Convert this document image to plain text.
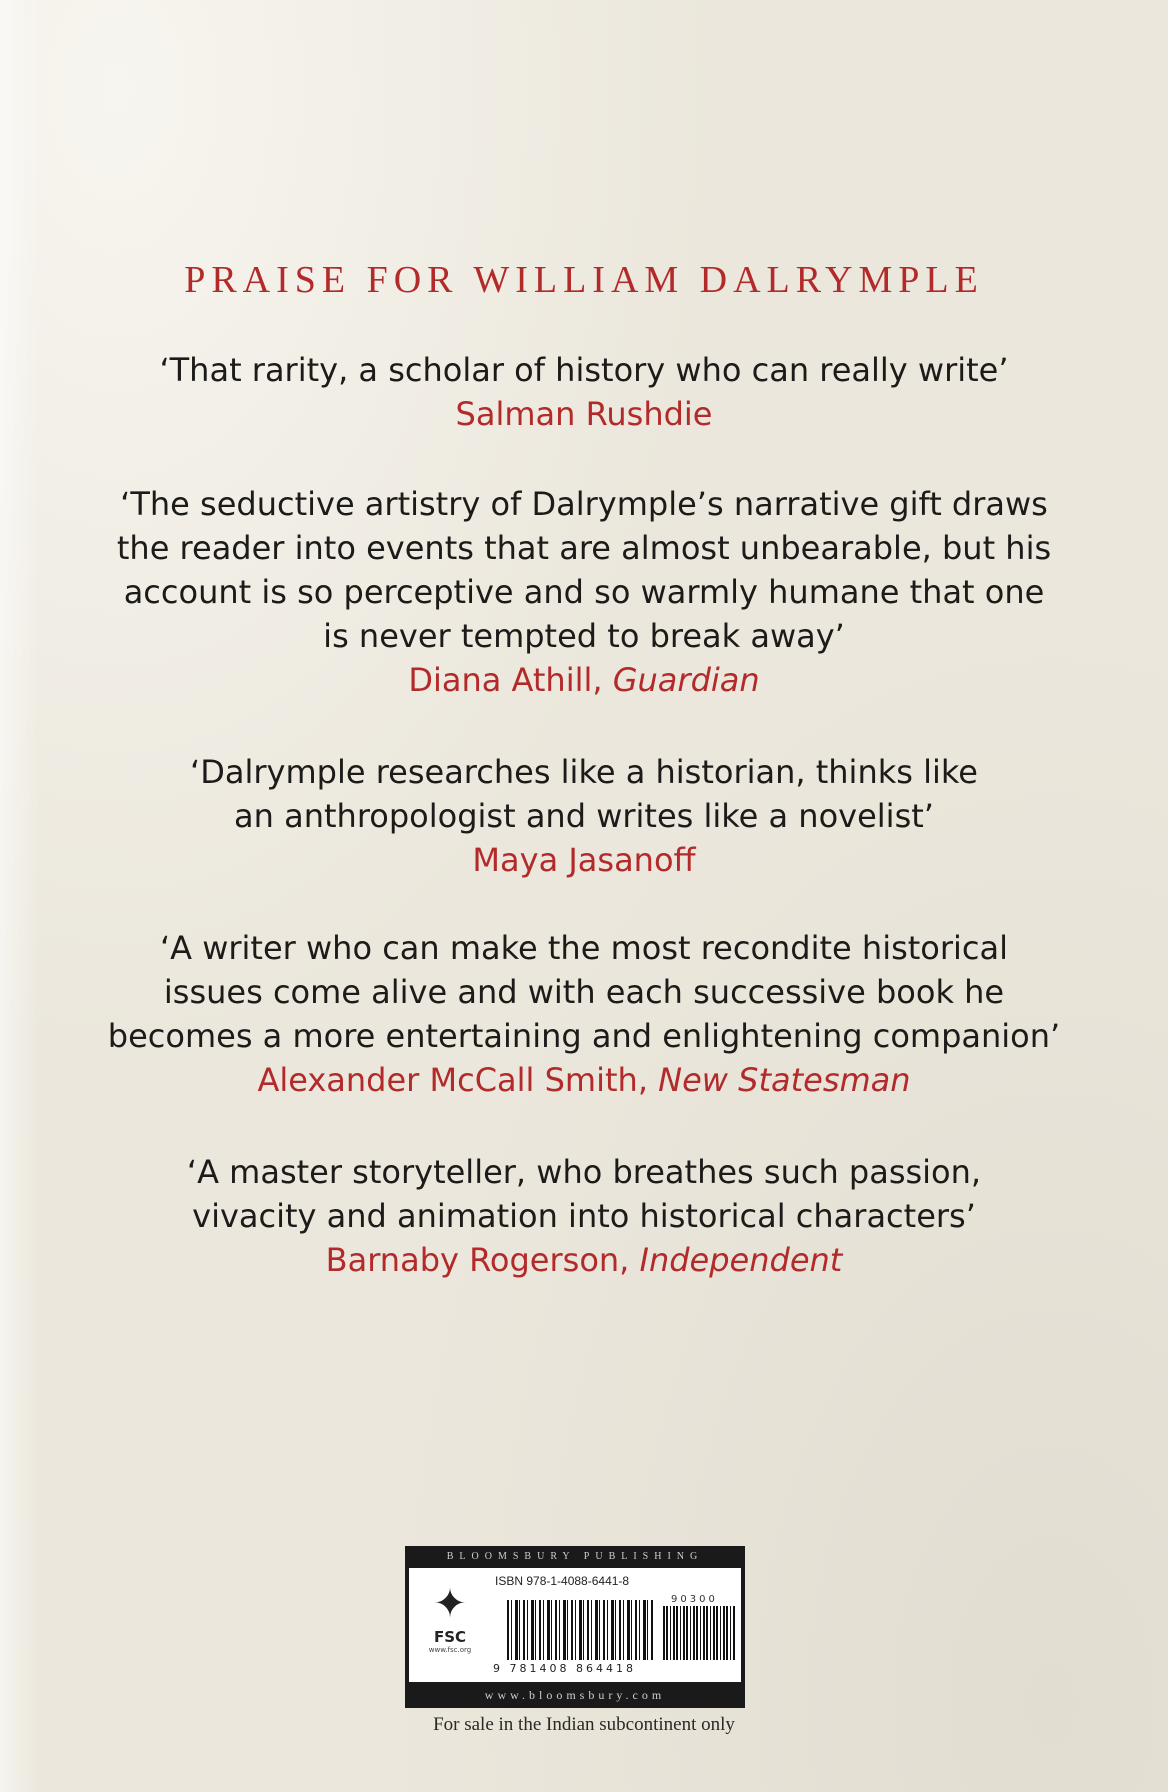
PRAISE FOR WILLIAM DALRYMPLE
‘That rarity, a scholar of history who can really write’
Salman Rushdie
‘The seductive artistry of Dalrymple’s narrative gift draws
the reader into events that are almost unbearable, but his
account is so perceptive and so warmly humane that one
is never tempted to break away’
Diana Athill, Guardian
‘Dalrymple researches like a historian, thinks like
an anthropologist and writes like a novelist’
Maya Jasanoff
‘A writer who can make the most recondite historical
issues come alive and with each successive book he
becomes a more entertaining and enlightening companion’
Alexander McCall Smith, New Statesman
‘A master storyteller, who breathes such passion,
vivacity and animation into historical characters’
Barnaby Rogerson, Independent
BLOOMSBURY PUBLISHING
✦
FSC
www.fsc.org
ISBN 978-1-4088-6441-8
90300
9 781408 864418
www.bloomsbury.com
For sale in the Indian subcontinent only
